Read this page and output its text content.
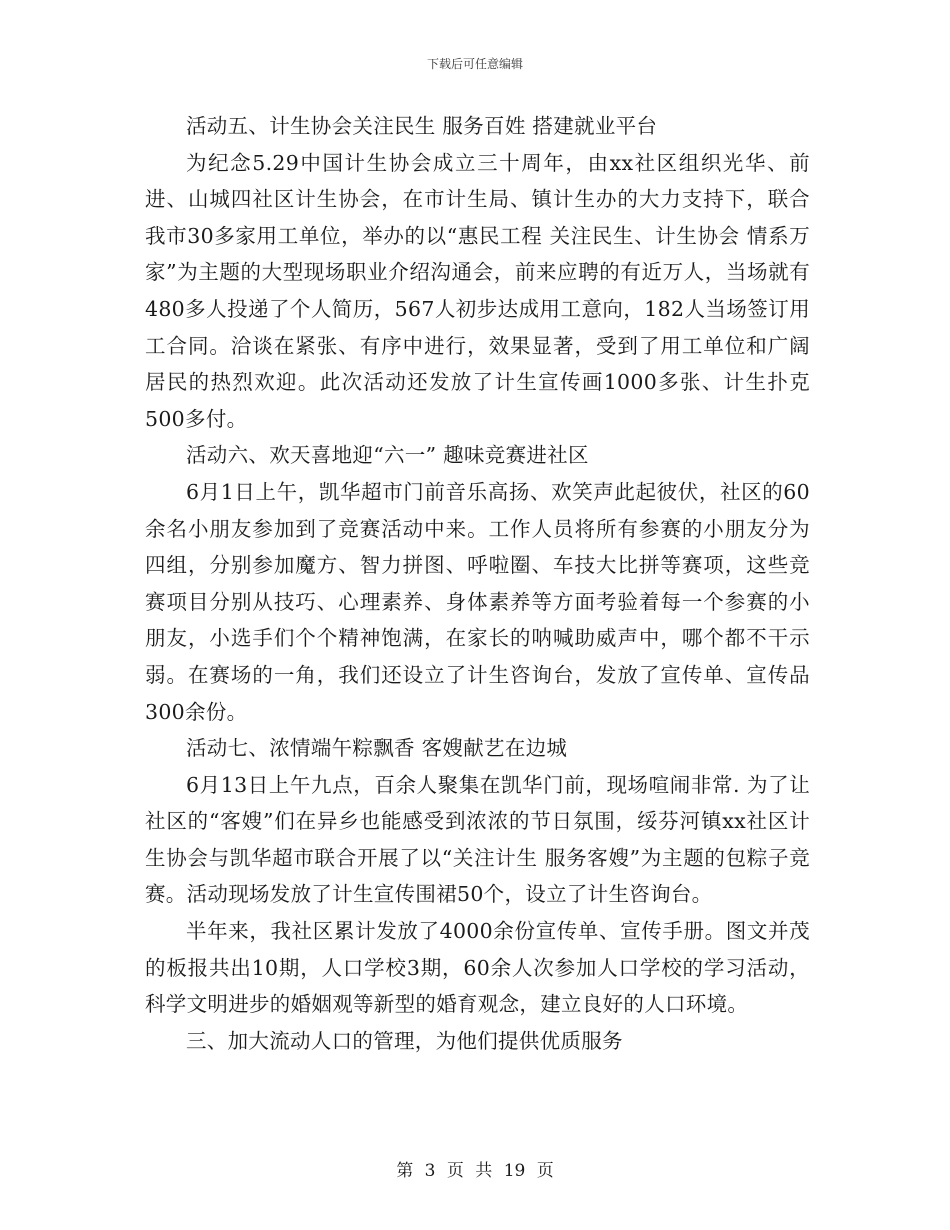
下载后可任意编辑

活动五、计生协会关注民生 服务百姓 搭建就业平台

为纪念5.29中国计生协会成立三十周年，由xx社区组织光华、前进、山城四社区计生协会，在市计生局、镇计生办的大力支持下，联合我市30多家用工单位，举办的以“惠民工程 关注民生、计生协会 情系万家”为主题的大型现场职业介绍沟通会，前来应聘的有近万人，当场就有480多人投递了个人简历，567人初步达成用工意向，182人当场签订用工合同。洽谈在紧张、有序中进行，效果显著，受到了用工单位和广阔居民的热烈欢迎。此次活动还发放了计生宣传画1000多张、计生扑克500多付。

活动六、欢天喜地迎“六一” 趣味竞赛进社区

6月1日上午，凯华超市门前音乐高扬、欢笑声此起彼伏，社区的60余名小朋友参加到了竞赛活动中来。工作人员将所有参赛的小朋友分为四组，分别参加魔方、智力拼图、呼啦圈、车技大比拼等赛项，这些竞赛项目分别从技巧、心理素养、身体素养等方面考验着每一个参赛的小朋友，小选手们个个精神饱满，在家长的呐喊助威声中，哪个都不干示弱。在赛场的一角，我们还设立了计生咨询台，发放了宣传单、宣传品300余份。

活动七、浓情端午粽飘香 客嫂献艺在边城

6月13日上午九点，百余人聚集在凯华门前，现场喧闹非常. 为了让社区的“客嫂”们在异乡也能感受到浓浓的节日氛围，绥芬河镇xx社区计生协会与凯华超市联合开展了以“关注计生 服务客嫂”为主题的包粽子竞赛。活动现场发放了计生宣传围裙50个，设立了计生咨询台。

半年来，我社区累计发放了4000余份宣传单、宣传手册。图文并茂的板报共出10期，人口学校3期，60余人次参加人口学校的学习活动，科学文明进步的婚姻观等新型的婚育观念，建立良好的人口环境。

三、加大流动人口的管理，为他们提供优质服务

第 3 页 共 19 页
